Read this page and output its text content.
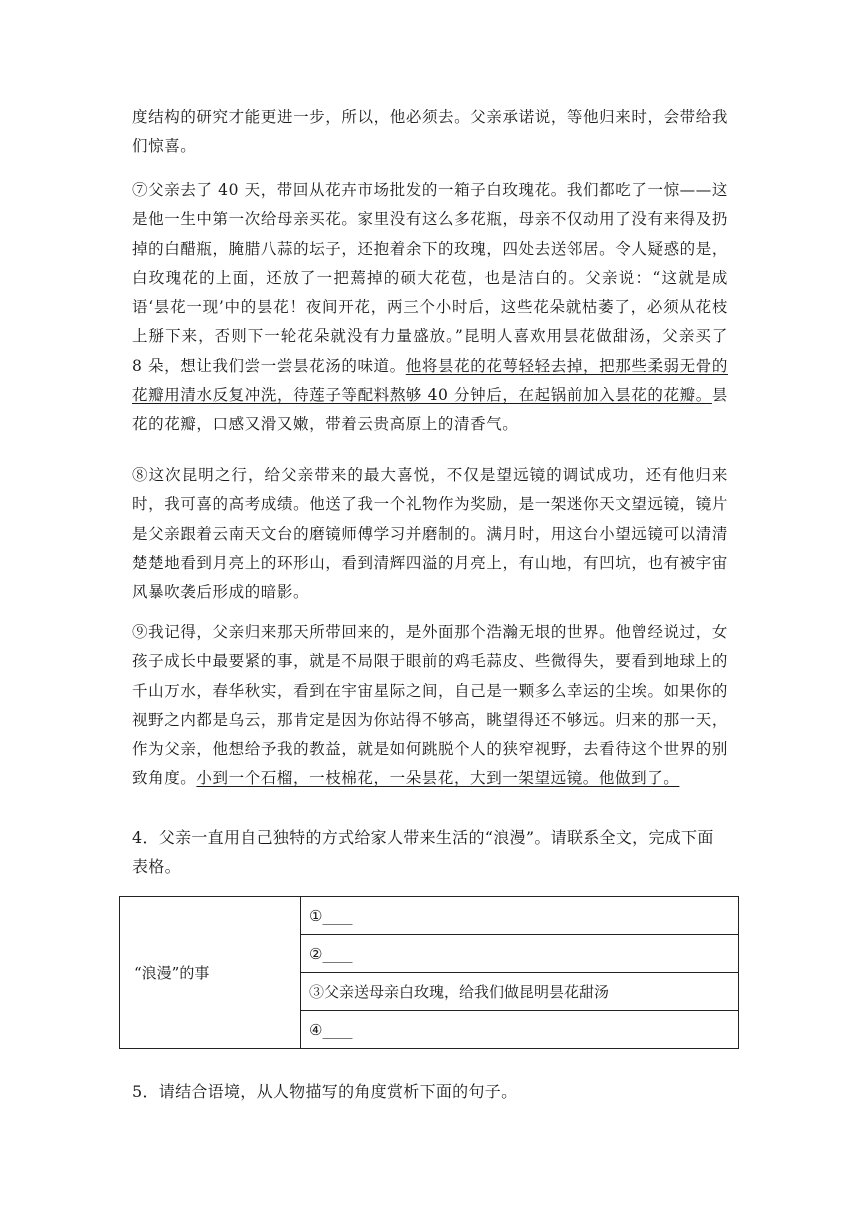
度结构的研究才能更进一步，所以，他必须去。父亲承诺说，等他归来时，会带给我们惊喜。

⑦父亲去了 40 天，带回从花卉市场批发的一箱子白玫瑰花。我们都吃了一惊——这是他一生中第一次给母亲买花。家里没有这么多花瓶，母亲不仅动用了没有来得及扔掉的白醋瓶，腌腊八蒜的坛子，还抱着余下的玫瑰，四处去送邻居。令人疑惑的是，白玫瑰花的上面，还放了一把蔫掉的硕大花苞，也是洁白的。父亲说：“这就是成语‘昙花一现’中的昙花！夜间开花，两三个小时后，这些花朵就枯萎了，必须从花枝上掰下来，否则下一轮花朵就没有力量盛放。”昆明人喜欢用昙花做甜汤，父亲买了 8 朵，想让我们尝一尝昙花汤的味道。他将昙花的花萼轻轻去掉，把那些柔弱无骨的花瓣用清水反复冲洗，待莲子等配料熬够 40 分钟后，在起锅前加入昙花的花瓣。昙花的花瓣，口感又滑又嫩，带着云贵高原上的清香气。

⑧这次昆明之行，给父亲带来的最大喜悦，不仅是望远镜的调试成功，还有他归来时，我可喜的高考成绩。他送了我一个礼物作为奖励，是一架迷你天文望远镜，镜片是父亲跟着云南天文台的磨镜师傅学习并磨制的。满月时，用这台小望远镜可以清清楚楚地看到月亮上的环形山，看到清辉四溢的月亮上，有山地，有凹坑，也有被宇宙风暴吹袭后形成的暗影。

⑨我记得，父亲归来那天所带回来的，是外面那个浩瀚无垠的世界。他曾经说过，女孩子成长中最要紧的事，就是不局限于眼前的鸡毛蒜皮、些微得失，要看到地球上的千山万水，春华秋实，看到在宇宙星际之间，自己是一颗多么幸运的尘埃。如果你的视野之内都是乌云，那肯定是因为你站得不够高，眺望得还不够远。归来的那一天，作为父亲，他想给予我的教益，就是如何跳脱个人的狭窄视野，去看待这个世界的别致角度。小到一个石榴，一枝棉花，一朵昙花，大到一架望远镜。他做到了。

4．父亲一直用自己独特的方式给家人带来生活的“浪漫”。请联系全文，完成下面表格。

“浪漫”的事	①____
②____
③父亲送母亲白玫瑰，给我们做昆明昙花甜汤
④____

5．请结合语境，从人物描写的角度赏析下面的句子。
